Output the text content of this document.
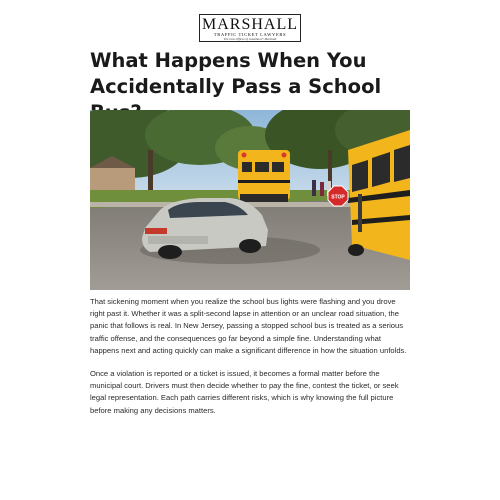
MARSHALL
TRAFFIC TICKET LAWYERS
The Law Offices of Jonathan F. Marshall
What Happens When You Accidentally Pass a School
STOP

That sickening moment when you realize the school bus lights were flashing and you drove right past it. Whether it was a split-second lapse in attention or an unclear road situation, the panic that follows is real. In New Jersey, passing a stopped school bus is treated as a serious traffic offense, and the consequences go far beyond a simple fine. Understanding what happens next and acting quickly can make a significant difference in how the situation unfolds.

Once a violation is reported or a ticket is issued, it becomes a formal matter before the municipal court. Drivers must then decide whether to pay the fine, contest the ticket, or seek legal representation. Each path carries different risks, which is why knowing the full picture before making any decisions matters.
